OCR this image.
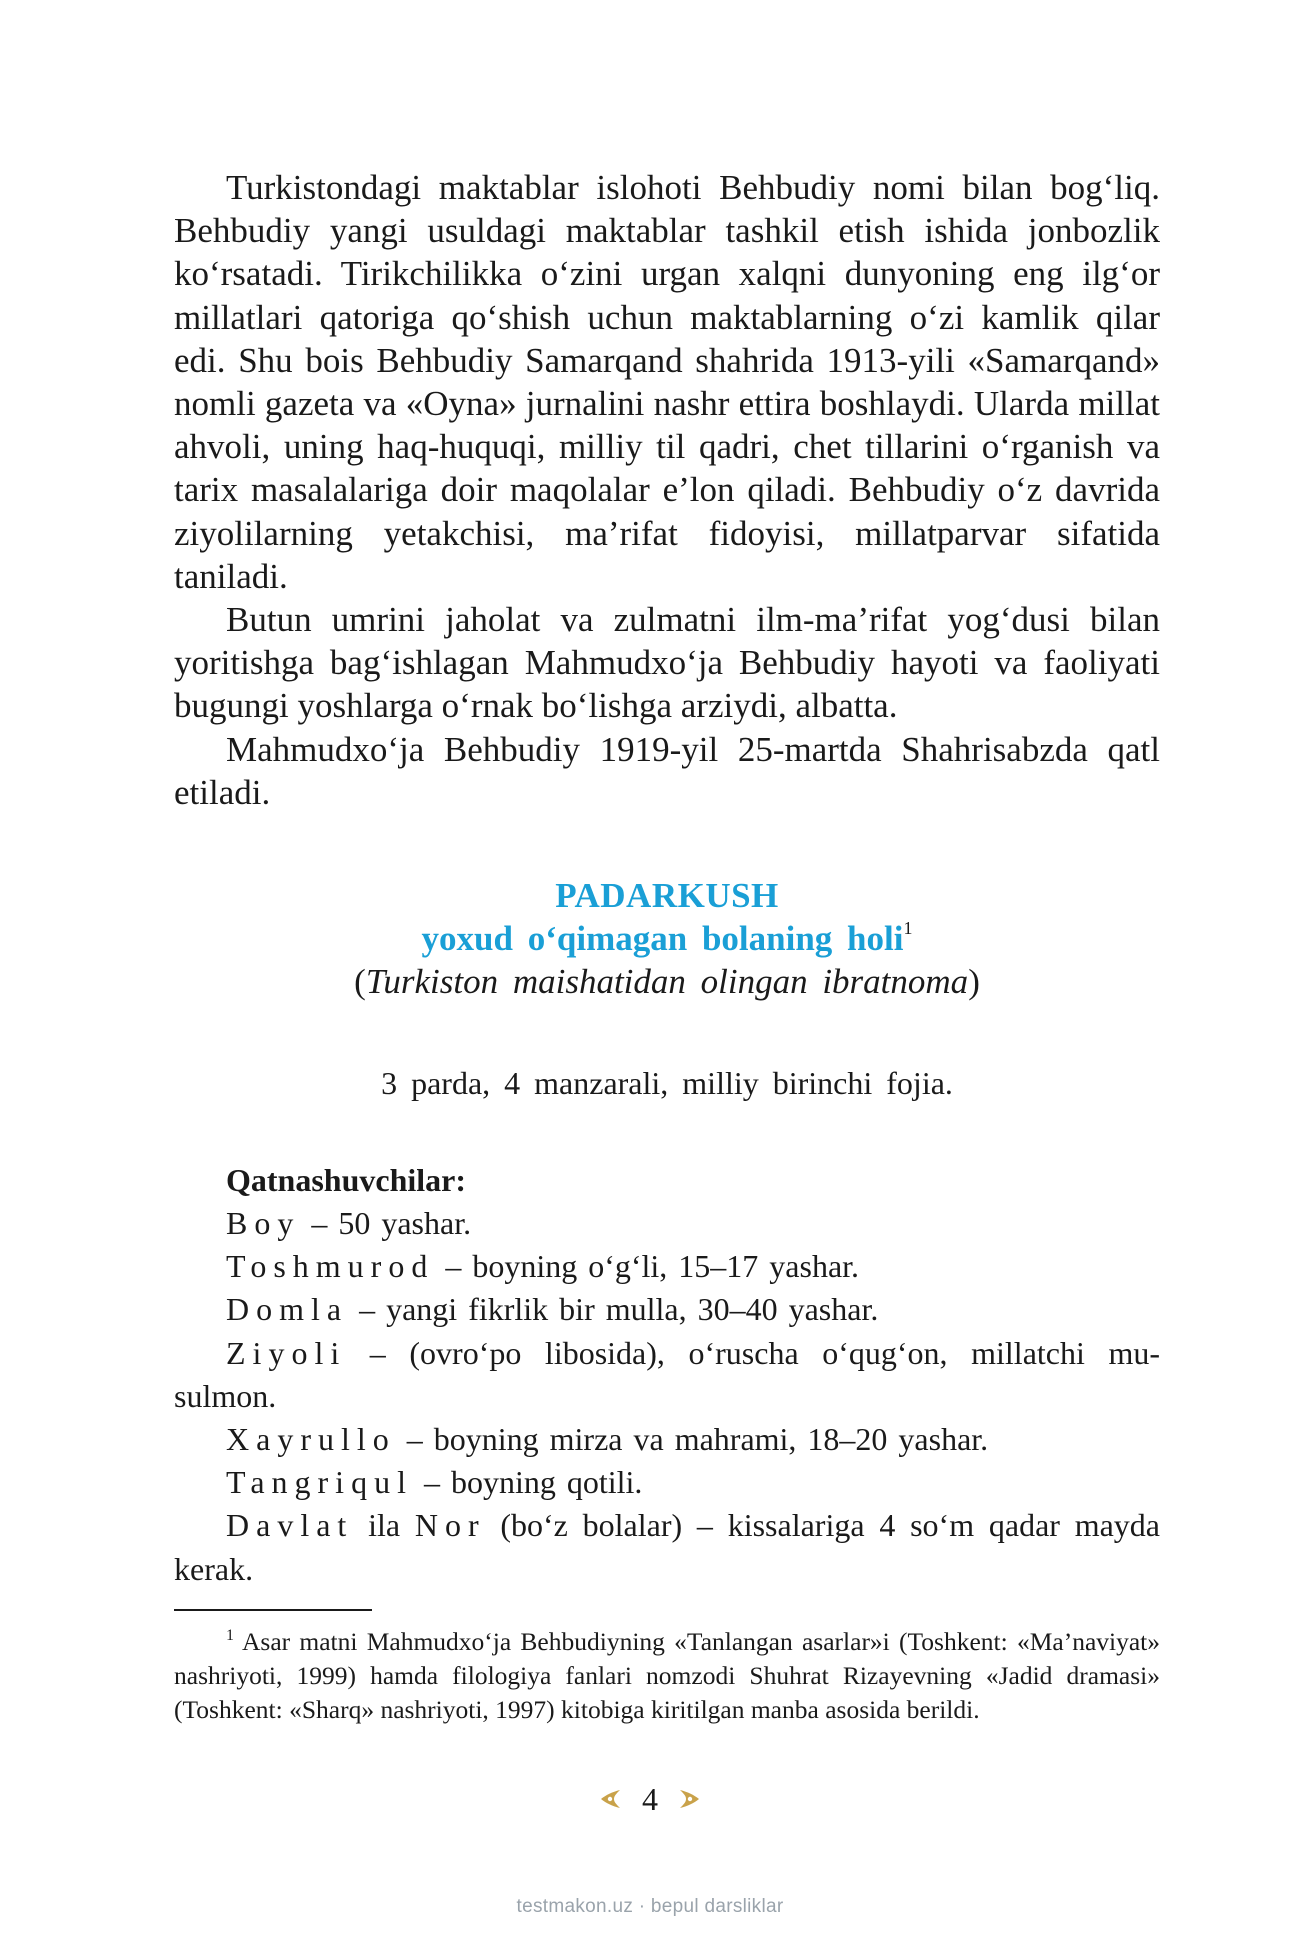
Turkistondagi maktablar islohoti Behbudiy nomi bilan bog‘liq. Behbudiy yangi usuldagi maktablar tashkil etish ishida jonbozlik ko‘rsatadi. Tirikchilikka o‘zini urgan xalqni dunyoning eng ilg‘or millatlari qatoriga qo‘shish uchun maktablarning o‘zi kamlik qilar edi. Shu bois Behbudiy Samarqand shahrida 1913-yili «Samarqand» nomli gazeta va «Oyna» jurnalini nashr ettira boshlaydi. Ularda millat ahvoli, uning haq-huquqi, milliy til qadri, chet tillarini o‘rganish va tarix masalalariga doir maqolalar e’lon qiladi. Behbudiy o‘z davrida ziyolilarning yetakchisi, ma’rifat fidoyisi, millatparvar sifatida taniladi.

Butun umrini jaholat va zulmatni ilm-ma’rifat yog‘dusi bilan yoritishga bag‘ishlagan Mahmudxo‘ja Behbudiy hayoti va faoliyati bugungi yoshlarga o‘rnak bo‘lishga arziydi, albatta.

Mahmudxo‘ja Behbudiy 1919-yil 25-martda Shahrisabzda qatl etiladi.

PADARKUSH

yoxud o‘qimagan bolaning holi$^1$

(Turkiston maishatidan olingan ibratnoma)

3 parda, 4 manzarali, milliy birinchi fojia.

Qatnashuvchilar:

Boy – 50 yashar.

Toshmurod – boyning o‘g‘li, 15–17 yashar.

Domla – yangi fikrlik bir mulla, 30–40 yashar.

Ziyoli – (ovro‘po libosida), o‘ruscha o‘qug‘on, millatchi musulmon.

Xayrullo – boyning mirza va mahrami, 18–20 yashar.

Tangriqul – boyning qotili.

Davlat ila Nor (bo‘z bolalar) – kissalariga 4 so‘m qadar mayda kerak.

$^1$ Asar matni Mahmudxo‘ja Behbudiyning «Tanlangan asarlar»i (Toshkent: «Ma’naviyat» nashriyoti, 1999) hamda filologiya fanlari nomzodi Shuhrat Rizayevning «Jadid dramasi» (Toshkent: «Sharq» nashriyoti, 1997) kitobiga kiritilgan manba asosida berildi.

4
testmakon.uz · bepul darsliklar
